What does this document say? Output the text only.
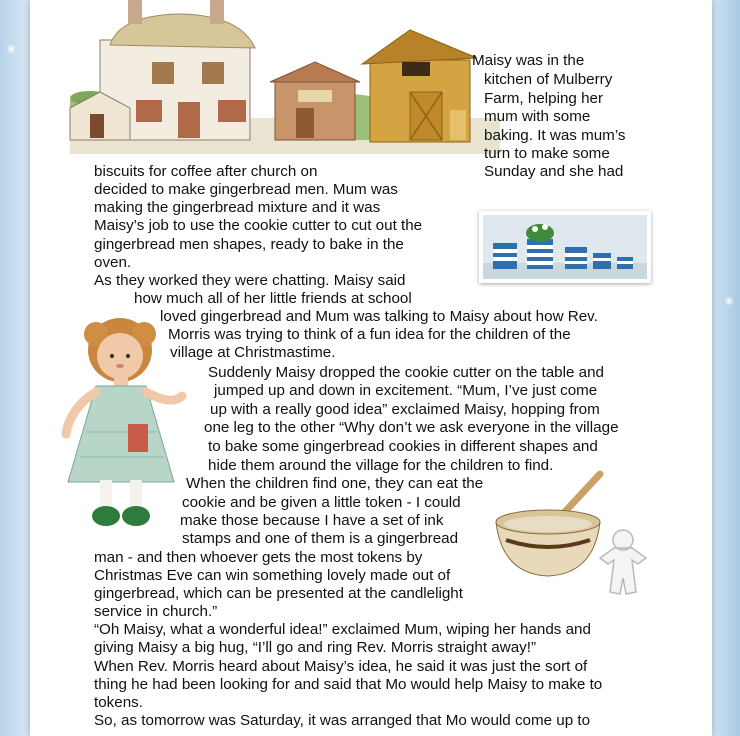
Maisy was in the
kitchen of Mulberry
Farm, helping her
mum with some
baking. It was mum’s
turn to make some
biscuits for coffee after church on	Sunday and she had
decided to make gingerbread men. Mum was
making the gingerbread mixture and it was
Maisy’s job to use the cookie cutter to cut out the
gingerbread men shapes, ready to bake in the
oven.
As they worked they were chatting. Maisy said
how much all of her little friends at school
loved gingerbread and Mum was talking to Maisy about how Rev.
Morris was trying to think of a fun idea for the children of the
village at Christmastime.
Suddenly Maisy dropped the cookie cutter on the table and
jumped up and down in excitement. “Mum, I’ve just come
up with a really good idea” exclaimed Maisy, hopping from
one leg to the other “Why don’t we ask everyone in the village
to bake some gingerbread cookies in different shapes and
hide them around the village for the children to find.
When the children find one, they can eat the
cookie and be given a little token - I could
make those because I have a set of ink
stamps and one of them is a gingerbread
man - and then whoever gets the most tokens by
Christmas Eve can win something lovely made out of
gingerbread, which can be presented at the candlelight
service in church.”
“Oh Maisy, what a wonderful idea!” exclaimed Mum, wiping her hands and
giving Maisy a big hug, “I’ll go and ring Rev. Morris straight away!”
When Rev. Morris heard about Maisy’s idea, he said it was just the sort of
thing he had been looking for and said that Mo would help Maisy to make to
tokens.
So, as tomorrow was Saturday, it was arranged that Mo would come up to
